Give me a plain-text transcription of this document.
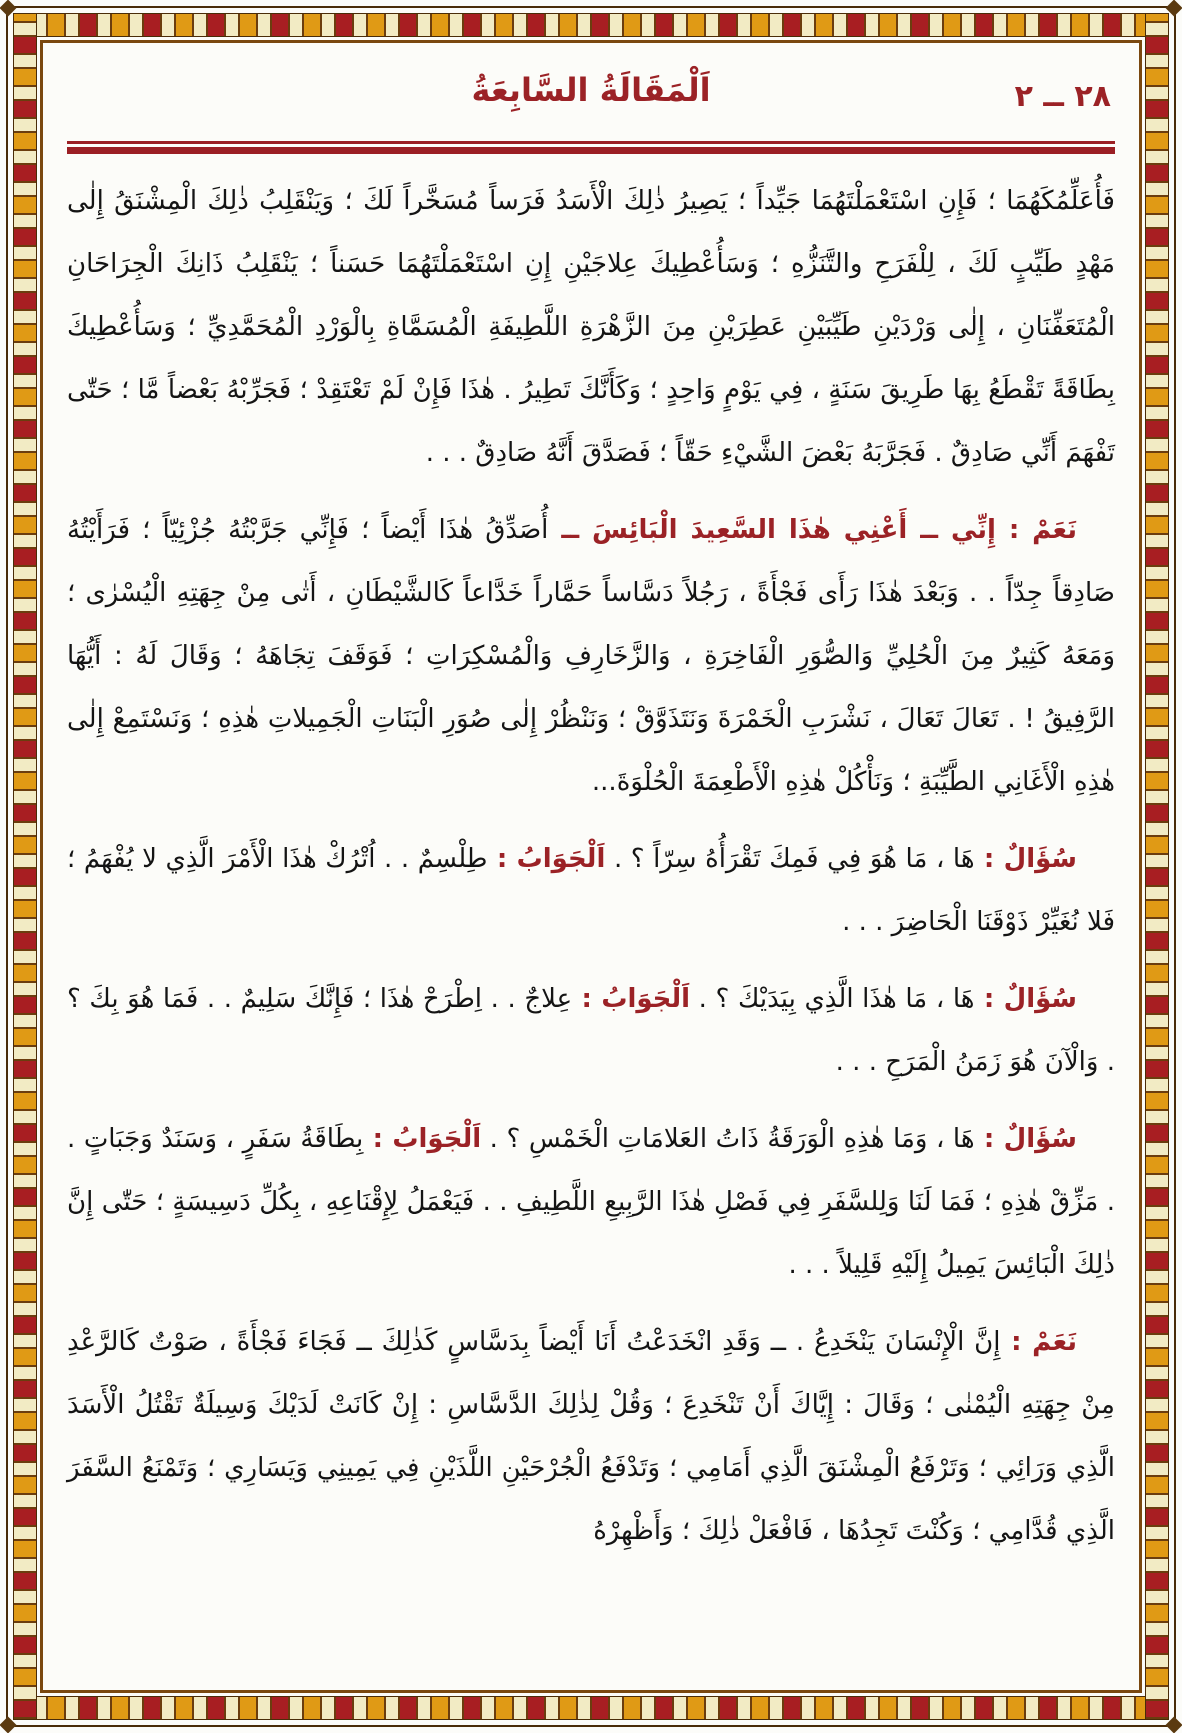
٢٨ ــ ٢
اَلْمَقَالَةُ السَّابِعَةُ

فَأُعَلِّمُكَهُمَا ؛ فَإِنِ اسْتَعْمَلْتَهُمَا جَيِّداً ؛ يَصِيرُ ذٰلِكَ الْأَسَدُ فَرَساً مُسَخَّراً لَكَ ؛ وَيَنْقَلِبُ ذٰلِكَ الْمِشْنَقُ إِلٰى مَهْدٍ طَيِّبٍ لَكَ ، لِلْفَرَحِ والتَّنَزُّهِ ؛ وَسَأُعْطِيكَ عِلاجَيْنِ إِنِ اسْتَعْمَلْتَهُمَا حَسَناً ؛ يَنْقَلِبُ ذَانِكَ الْجِرَاحَانِ الْمُتَعَفِّنَانِ ، إِلٰى وَرْدَيْنِ طَيِّبَيْنِ عَطِرَيْنِ مِنَ الزَّهْرَةِ اللَّطِيفَةِ الْمُسَمَّاةِ بِالْوَرْدِ الْمُحَمَّدِيِّ ؛ وَسَأُعْطِيكَ بِطَاقَةً تَقْطَعُ بِهَا طَرِيقَ سَنَةٍ ، فِي يَوْمٍ وَاحِدٍ ؛ وَكَأَنَّكَ تَطِيرُ . هٰذَا فَإِنْ لَمْ تَعْتَقِدْ ؛ فَجَرِّبْهُ بَعْضاً مَّا ؛ حَتّٰى تَفْهَمَ أَنِّي صَادِقٌ . فَجَرَّبَهُ بَعْضَ الشَّيْءِ حَقّاً ؛ فَصَدَّقَ أَنَّهُ صَادِقٌ . . .

نَعَمْ : إِنِّي ــ أَعْنِي هٰذَا السَّعِيدَ الْبَائِسَ ــ أُصَدِّقُ هٰذَا أَيْضاً ؛ فَإِنِّي جَرَّبْتُهُ جُزْئِيّاً ؛ فَرَأَيْتُهُ صَادِقاً جِدّاً . . وَبَعْدَ هٰذَا رَأَى فَجْأَةً ، رَجُلاً دَسَّاساً حَمَّاراً خَدَّاعاً كَالشَّيْطَانِ ، أَتٰى مِنْ جِهَتِهِ الْيُسْرٰى ؛ وَمَعَهُ كَثِيرٌ مِنَ الْحُلِيِّ وَالصُّوَرِ الْفَاخِرَةِ ، وَالزَّخَارِفِ وَالْمُسْكِرَاتِ ؛ فَوَقَفَ تِجَاهَهُ ؛ وَقَالَ لَهُ : أَيُّهَا الرَّفِيقُ ! . تَعَالَ تَعَالَ ، نَشْرَبِ الْخَمْرَةَ وَنَتَذَوَّقْ ؛ وَنَنْظُرْ إِلٰى صُوَرِ الْبَنَاتِ الْجَمِيلاتِ هٰذِهِ ؛ وَنَسْتَمِعْ إِلٰى هٰذِهِ الْأَغَانِي الطَّيِّبَةِ ؛ وَنَأْكُلْ هٰذِهِ الْأَطْعِمَةَ الْحُلْوَةَ...

سُؤَالٌ : هَا ، مَا هُوَ فِي فَمِكَ تَقْرَأُهُ سِرّاً ؟ . اَلْجَوَابُ : طِلْسِمٌ . . اُتْرُكْ هٰذَا الْأَمْرَ الَّذِي لا يُفْهَمُ ؛ فَلا نُغَيِّرْ ذَوْقَنَا الْحَاضِرَ . . .

سُؤَالٌ : هَا ، مَا هٰذَا الَّذِي بِيَدَيْكَ ؟ . اَلْجَوَابُ : عِلاجٌ . . اِطْرَحْ هٰذَا ؛ فَإِنَّكَ سَلِيمٌ . . فَمَا هُوَ بِكَ ؟ . وَالْآنَ هُوَ زَمَنُ الْمَرَحِ . . .

سُؤَالٌ : هَا ، وَمَا هٰذِهِ الْوَرَقَةُ ذَاتُ العَلامَاتِ الْخَمْسِ ؟ . اَلْجَوَابُ : بِطَاقَةُ سَفَرٍ ، وَسَنَدٌ وَجَبَاتٍ . . مَزِّقْ هٰذِهِ ؛ فَمَا لَنَا وَلِلسَّفَرِ فِي فَصْلِ هٰذَا الرَّبِيعِ اللَّطِيفِ . . فَيَعْمَلُ لِإِقْنَاعِهِ ، بِكُلِّ دَسِيسَةٍ ؛ حَتّٰى إِنَّ ذٰلِكَ الْبَائِسَ يَمِيلُ إِلَيْهِ قَلِيلاً . . .

نَعَمْ : إِنَّ الْإِنْسَانَ يَنْخَدِعُ . ــ وَقَدِ انْخَدَعْتُ أَنَا أَيْضاً بِدَسَّاسٍ كَذٰلِكَ ــ فَجَاءَ فَجْأَةً ، صَوْتٌ كَالرَّعْدِ مِنْ جِهَتِهِ الْيُمْنٰى ؛ وَقَالَ : إِيَّاكَ أَنْ تَنْخَدِعَ ؛ وَقُلْ لِذٰلِكَ الدَّسَّاسِ : إِنْ كَانَتْ لَدَيْكَ وَسِيلَةٌ تَقْتُلُ الْأَسَدَ الَّذِي وَرَائِي ؛ وَتَرْفَعُ الْمِشْنَقَ الَّذِي أَمَامِي ؛ وَتَدْفَعُ الْجُرْحَيْنِ اللَّذَيْنِ فِي يَمِينِي وَيَسَارِي ؛ وَتَمْنَعُ السَّفَرَ الَّذِي قُدَّامِي ؛ وَكُنْتَ تَجِدُهَا ، فَافْعَلْ ذٰلِكَ ؛ وَأَظْهِرْهُ
